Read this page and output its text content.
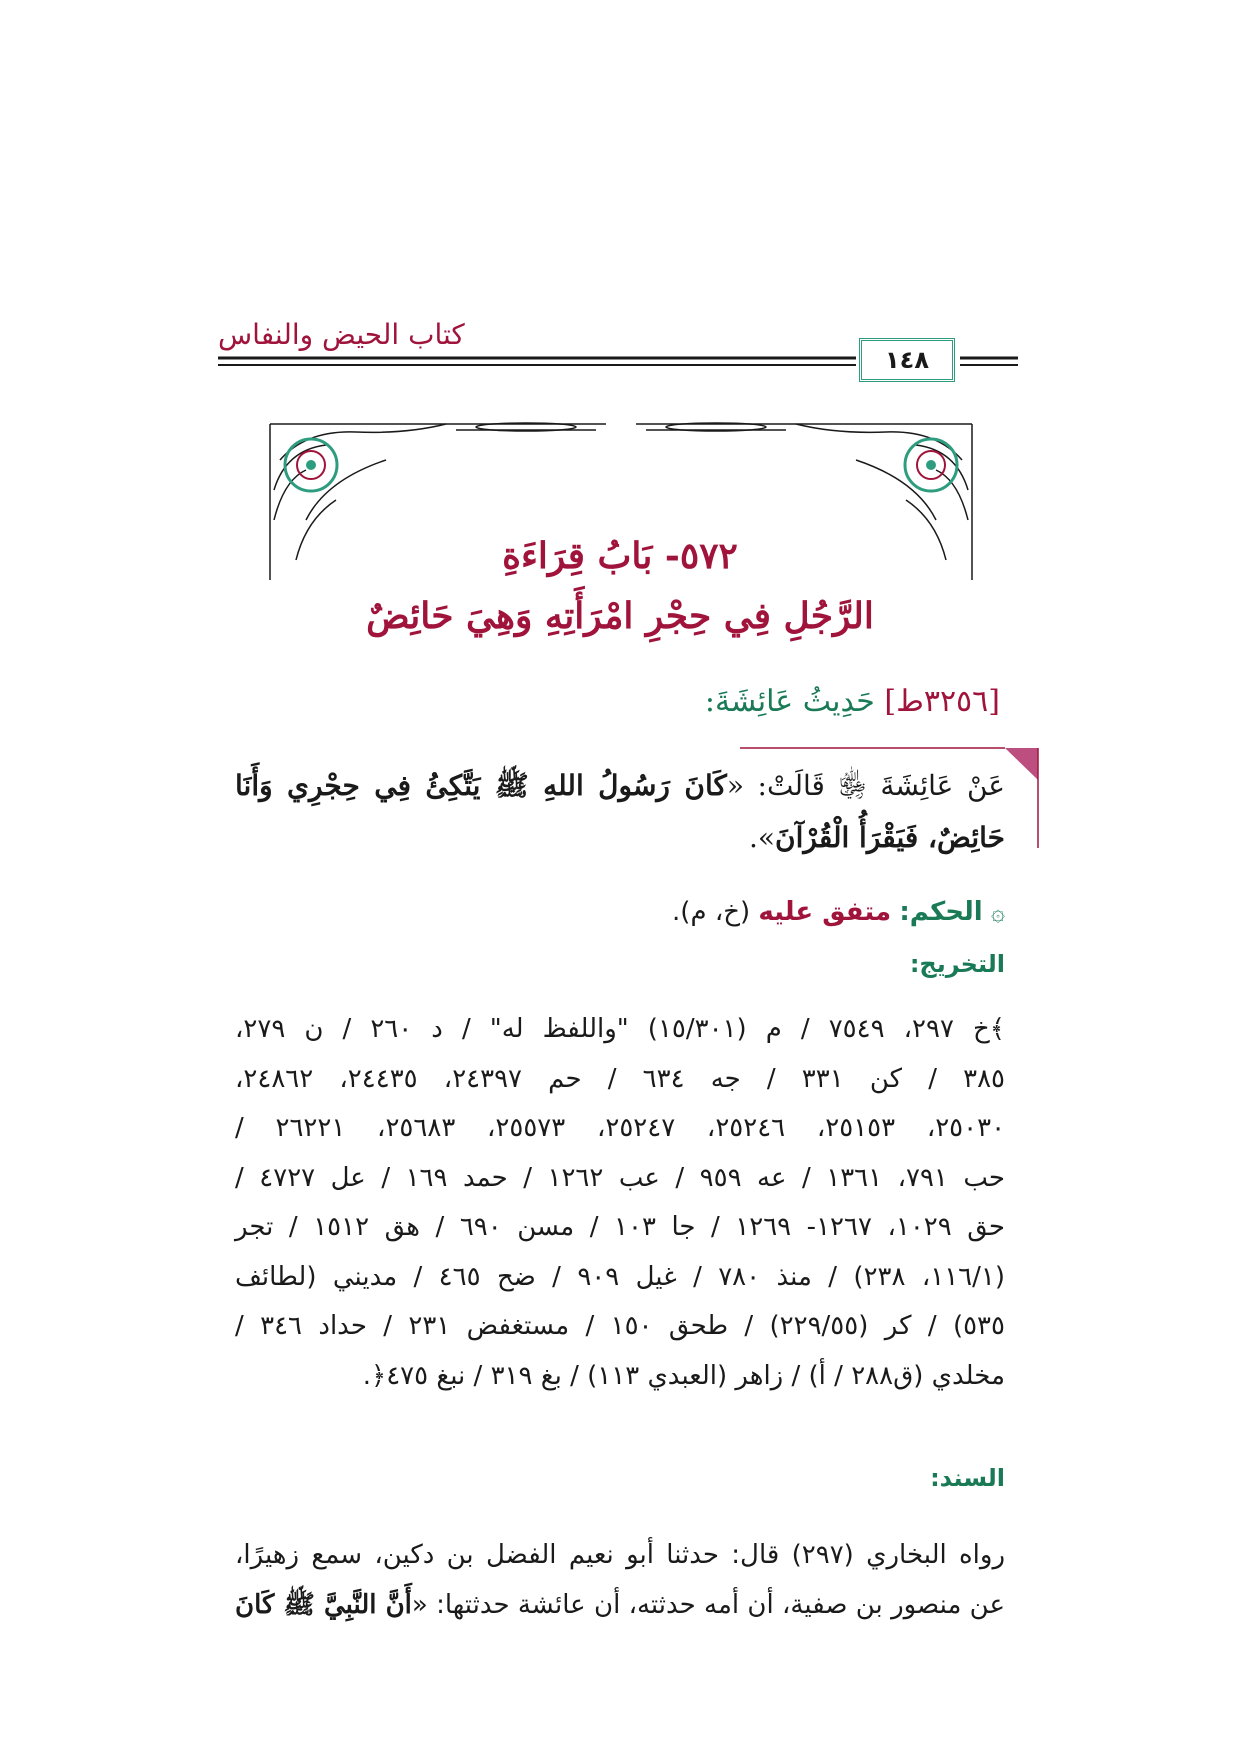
كتاب الحيض والنفاس
١٤٨
٥٧٢- بَابُ قِرَاءَةِ
الرَّجُلِ فِي حِجْرِ امْرَأَتِهِ وَهِيَ حَائِضٌ
[٣٢٥٦ط] حَدِيثُ عَائِشَةَ:
عَنْ عَائِشَةَ ﵂ قَالَتْ: «كَانَ رَسُولُ اللهِ ﷺ يَتَّكِئُ فِي حِجْرِي وَأَنَا حَائِضٌ، فَيَقْرَأُ الْقُرْآنَ».
۞ الحكم: متفق عليه (خ، م).
التخريج:
﴾خ ٢٩٧، ٧٥٤٩ / م (١٥/٣٠١) "واللفظ له" / د ٢٦٠ / ن ٢٧٩،
٣٨٥ / كن ٣٣١ / جه ٦٣٤ / حم ٢٤٣٩٧، ٢٤٤٣٥، ٢٤٨٦٢،
٢٥٠٣٠، ٢٥١٥٣، ٢٥٢٤٦، ٢٥٢٤٧، ٢٥٥٧٣، ٢٥٦٨٣، ٢٦٢٢١ /
حب ٧٩١، ١٣٦١ / عه ٩٥٩ / عب ١٢٦٢ / حمد ١٦٩ / عل ٤٧٢٧ /
حق ١٠٢٩، ١٢٦٧- ١٢٦٩ / جا ١٠٣ / مسن ٦٩٠ / هق ١٥١٢ / تجر
(١١٦/١، ٢٣٨) / منذ ٧٨٠ / غيل ٩٠٩ / ضح ٤٦٥ / مديني (لطائف
٥٣٥) / كر (٢٢٩/٥٥) / طحق ١٥٠ / مستغفض ٢٣١ / حداد ٣٤٦ /
مخلدي (ق٢٨٨ / أ) / زاهر (العبدي ١١٣) / بغ ٣١٩ / نبغ ٤٧٥﴿.
السند:
رواه البخاري (٢٩٧) قال: حدثنا أبو نعيم الفضل بن دكين، سمع زهيرًا،
عن منصور بن صفية، أن أمه حدثته، أن عائشة حدثتها: «أَنَّ النَّبِيَّ ﷺ كَانَ
